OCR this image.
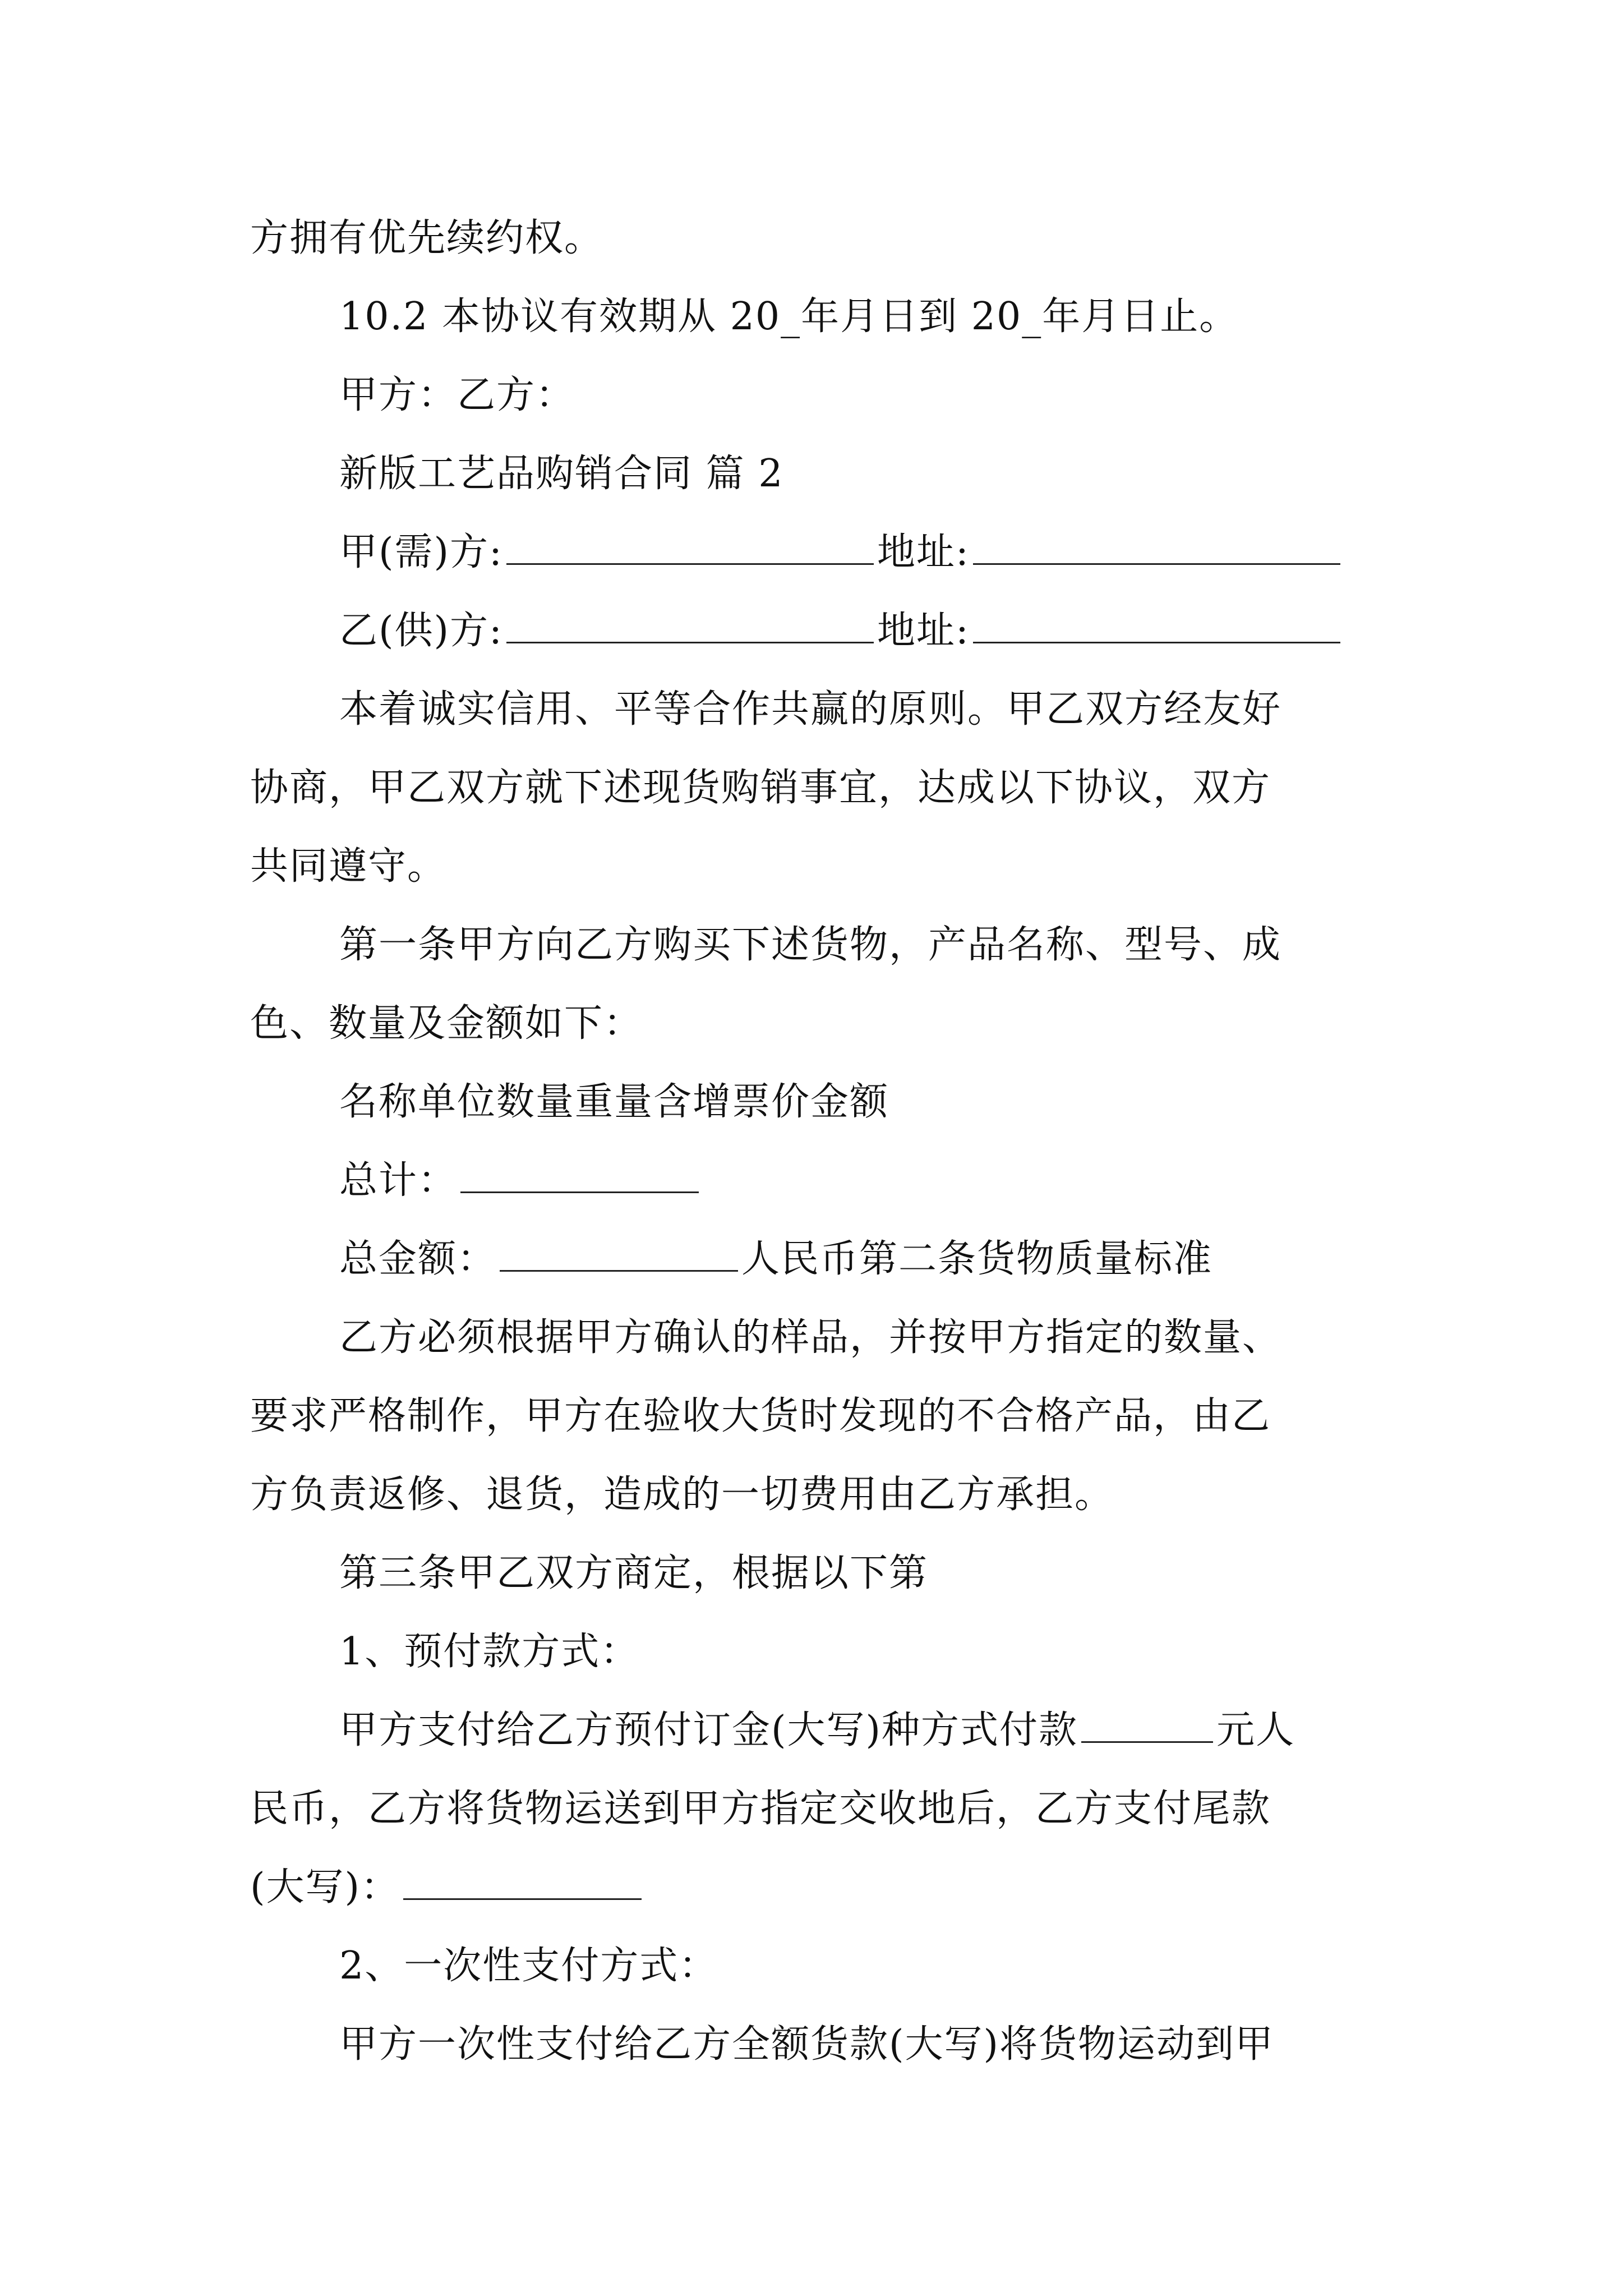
方拥有优先续约权。

10.2 本协议有效期从 20_年月日到 20_年月日止。

甲方：乙方：

新版工艺品购销合同 篇 2

甲(需)方:	地址:

乙(供)方:	地址:

本着诚实信用、平等合作共赢的原则。甲乙双方经友好

协商，甲乙双方就下述现货购销事宜，达成以下协议，双方

共同遵守。

第一条甲方向乙方购买下述货物，产品名称、型号、成

色、数量及金额如下：

名称单位数量重量含增票价金额

总计：

总金额：	人民币第二条货物质量标准

乙方必须根据甲方确认的样品，并按甲方指定的数量、

要求严格制作，甲方在验收大货时发现的不合格产品，由乙

方负责返修、退货，造成的一切费用由乙方承担。

第三条甲乙双方商定，根据以下第

1、预付款方式：

甲方支付给乙方预付订金(大写)种方式付款	元人

民币，乙方将货物运送到甲方指定交收地后，乙方支付尾款

(大写)：

2、一次性支付方式：

甲方一次性支付给乙方全额货款(大写)将货物运动到甲
